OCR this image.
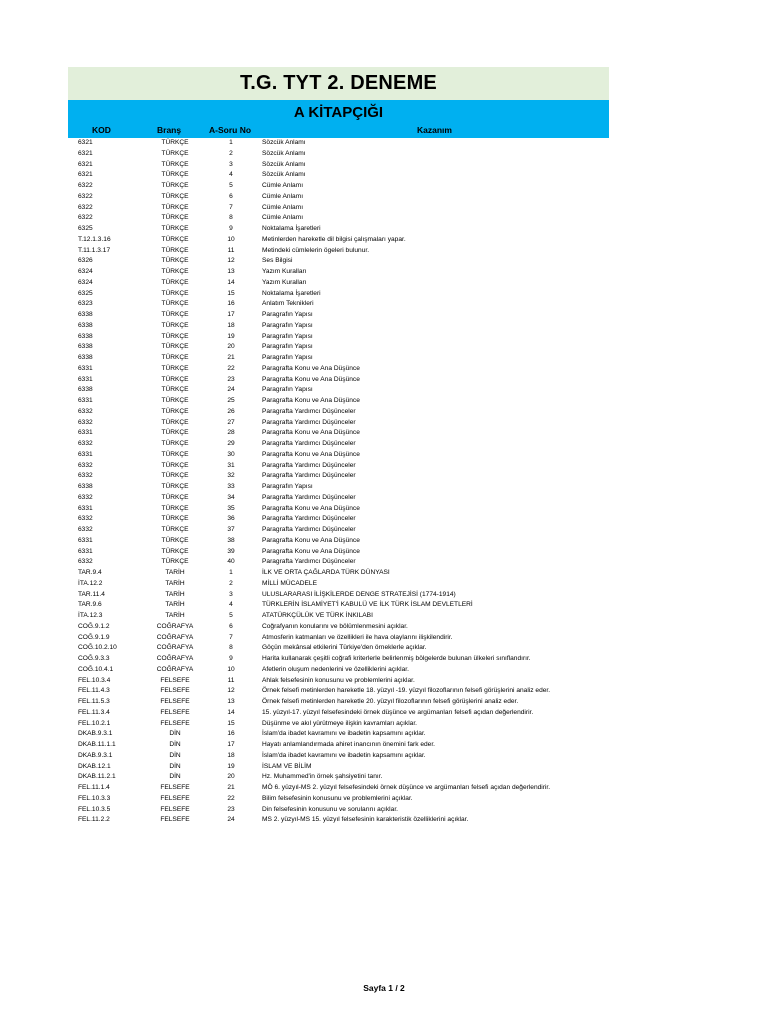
T.G. TYT 2. DENEME
A KİTAPÇIĞI
KOD	Branş	A-Soru No	Kazanım
6321	TÜRKÇE	1	Sözcük Anlamı
6321	TÜRKÇE	2	Sözcük Anlamı
6321	TÜRKÇE	3	Sözcük Anlamı
6321	TÜRKÇE	4	Sözcük Anlamı
6322	TÜRKÇE	5	Cümle Anlamı
6322	TÜRKÇE	6	Cümle Anlamı
6322	TÜRKÇE	7	Cümle Anlamı
6322	TÜRKÇE	8	Cümle Anlamı
6325	TÜRKÇE	9	Noktalama İşaretleri
T.12.1.3.16	TÜRKÇE	10	Metinlerden hareketle dil bilgisi çalışmaları yapar.
T.11.1.3.17	TÜRKÇE	11	Metindeki cümlelerin ögeleri bulunur.
6326	TÜRKÇE	12	Ses Bilgisi
6324	TÜRKÇE	13	Yazım Kuralları
6324	TÜRKÇE	14	Yazım Kuralları
6325	TÜRKÇE	15	Noktalama İşaretleri
6323	TÜRKÇE	16	Anlatım Teknikleri
6338	TÜRKÇE	17	Paragrafın Yapısı
6338	TÜRKÇE	18	Paragrafın Yapısı
6338	TÜRKÇE	19	Paragrafın Yapısı
6338	TÜRKÇE	20	Paragrafın Yapısı
6338	TÜRKÇE	21	Paragrafın Yapısı
6331	TÜRKÇE	22	Paragrafta Konu ve Ana Düşünce
6331	TÜRKÇE	23	Paragrafta Konu ve Ana Düşünce
6338	TÜRKÇE	24	Paragrafın Yapısı
6331	TÜRKÇE	25	Paragrafta Konu ve Ana Düşünce
6332	TÜRKÇE	26	Paragrafta Yardımcı Düşünceler
6332	TÜRKÇE	27	Paragrafta Yardımcı Düşünceler
6331	TÜRKÇE	28	Paragrafta Konu ve Ana Düşünce
6332	TÜRKÇE	29	Paragrafta Yardımcı Düşünceler
6331	TÜRKÇE	30	Paragrafta Konu ve Ana Düşünce
6332	TÜRKÇE	31	Paragrafta Yardımcı Düşünceler
6332	TÜRKÇE	32	Paragrafta Yardımcı Düşünceler
6338	TÜRKÇE	33	Paragrafın Yapısı
6332	TÜRKÇE	34	Paragrafta Yardımcı Düşünceler
6331	TÜRKÇE	35	Paragrafta Konu ve Ana Düşünce
6332	TÜRKÇE	36	Paragrafta Yardımcı Düşünceler
6332	TÜRKÇE	37	Paragrafta Yardımcı Düşünceler
6331	TÜRKÇE	38	Paragrafta Konu ve Ana Düşünce
6331	TÜRKÇE	39	Paragrafta Konu ve Ana Düşünce
6332	TÜRKÇE	40	Paragrafta Yardımcı Düşünceler
TAR.9.4	TARİH	1	İLK VE ORTA ÇAĞLARDA TÜRK DÜNYASI
İTA.12.2	TARİH	2	MİLLİ MÜCADELE
TAR.11.4	TARİH	3	ULUSLARARASI İLİŞKİLERDE DENGE STRATEJİSİ (1774-1914)
TAR.9.6	TARİH	4	TÜRKLERİN İSLAMİYET'İ KABULÜ VE İLK TÜRK İSLAM DEVLETLERİ
İTA.12.3	TARİH	5	ATATÜRKÇÜLÜK VE TÜRK İNKILABI
COĞ.9.1.2	COĞRAFYA	6	Coğrafyanın konularını ve bölümlenmesini açıklar.
COĞ.9.1.9	COĞRAFYA	7	Atmosferin katmanları ve özellikleri ile hava olaylarını ilişkilendirir.
COĞ.10.2.10	COĞRAFYA	8	Göçün mekânsal etkilerini Türkiye'den örneklerle açıklar.
COĞ.9.3.3	COĞRAFYA	9	Harita kullanarak çeşitli coğrafi kriterlerle belirlenmiş bölgelerde bulunan ülkeleri sınıflandırır.
COĞ.10.4.1	COĞRAFYA	10	Afetlerin oluşum nedenlerini ve özelliklerini açıklar.
FEL.10.3.4	FELSEFE	11	Ahlak felsefesinin konusunu ve problemlerini açıklar.
FEL.11.4.3	FELSEFE	12	Örnek felsefi metinlerden hareketle 18. yüzyıl -19. yüzyıl filozoflarının felsefi görüşlerini analiz eder.
FEL.11.5.3	FELSEFE	13	Örnek felsefi metinlerden hareketle 20. yüzyıl filozoflarının felsefi görüşlerini analiz eder.
FEL.11.3.4	FELSEFE	14	15. yüzyıl-17. yüzyıl felsefesindeki örnek düşünce ve argümanları felsefi açıdan değerlendirir.
FEL.10.2.1	FELSEFE	15	Düşünme ve akıl yürütmeye ilişkin kavramları açıklar.
DKAB.9.3.1	DİN	16	İslam'da ibadet kavramını ve ibadetin kapsamını açıklar.
DKAB.11.1.1	DİN	17	Hayatı anlamlandırmada ahiret inancının önemini fark eder.
DKAB.9.3.1	DİN	18	İslam'da ibadet kavramını ve ibadetin kapsamını açıklar.
DKAB.12.1	DİN	19	İSLAM VE BİLİM
DKAB.11.2.1	DİN	20	Hz. Muhammed'in örnek şahsiyetini tanır.
FEL.11.1.4	FELSEFE	21	MÖ 6. yüzyıl-MS 2. yüzyıl felsefesindeki örnek düşünce ve argümanları felsefi açıdan değerlendirir.
FEL.10.3.3	FELSEFE	22	Bilim felsefesinin konusunu ve problemlerini açıklar.
FEL.10.3.5	FELSEFE	23	Din felsefesinin konusunu ve sorularını açıklar.
FEL.11.2.2	FELSEFE	24	MS 2. yüzyıl-MS 15. yüzyıl felsefesinin karakteristik özelliklerini açıklar.
Sayfa 1 / 2
